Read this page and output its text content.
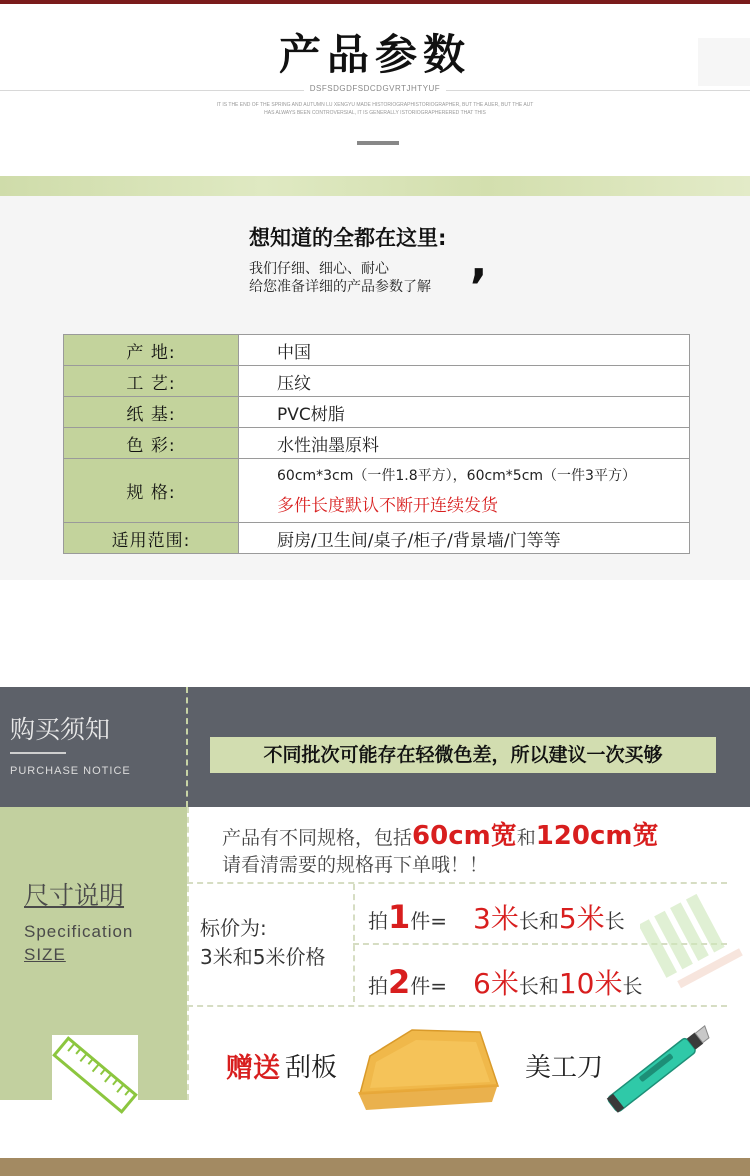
产品参数
DSFSDGDFSDCDGVRTJHTYUF
IT IS THE END OF THE SPRING AND AUTUMN LU XENGYU MADE HISTORIOGRAPHISTORIOGRAPHER, BUT THE AUER, BUT THE AUT
HAS ALWAYS BEEN CONTROVERSIAL, IT IS GENERALLY ISTORIOGRAPHERERED THAT THIS
想知道的全都在这里:
我们仔细、细心、耐心
给您准备详细的产品参数了解 ,
产 地:	中国
工 艺:	压纹
纸 基:	PVC树脂
色 彩:	水性油墨原料
规 格:	60cm*3cm（一件1.8平方），60cm*5cm（一件3平方）
多件长度默认不断开连续发货

适用范围:	厨房/卫生间/桌子/柜子/背景墙/门等等
购买须知
PURCHASE NOTICE
不同批次可能存在轻微色差，所以建议一次买够
尺寸说明
Specification
SIZE
产品有不同规格，包括60cm宽和120cm宽
请看清需要的规格再下单哦！！
标价为:
3米和5米价格
拍1件= 3米长和5米长
拍2件= 6米长和10米长
赠送 刮板	美工刀
